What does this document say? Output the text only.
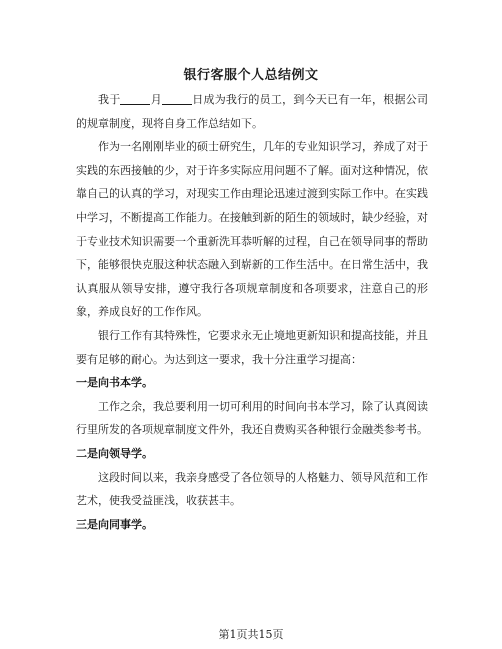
银行客服个人总结例文

我于	月	日成为我行的员工，到今天已有一年，根据公司的规章制度，现将自身工作总结如下。

作为一名刚刚毕业的硕士研究生，几年的专业知识学习，养成了对于实践的东西接触的少，对于许多实际应用问题不了解。面对这种情况，依靠自己的认真的学习，对现实工作由理论迅速过渡到实际工作中。在实践中学习，不断提高工作能力。在接触到新的陌生的领域时，缺少经验，对于专业技术知识需要一个重新洗耳恭听解的过程，自己在领导同事的帮助下，能够很快克服这种状态融入到崭新的工作生活中。在日常生活中，我认真服从领导安排，遵守我行各项规章制度和各项要求，注意自己的形象，养成良好的工作作风。

银行工作有其特殊性，它要求永无止境地更新知识和提高技能，并且要有足够的耐心。为达到这一要求，我十分注重学习提高：

一是向书本学。

工作之余，我总要利用一切可利用的时间向书本学习，除了认真阅读行里所发的各项规章制度文件外，我还自费购买各种银行金融类参考书。

二是向领导学。

这段时间以来，我亲身感受了各位领导的人格魅力、领导风范和工作艺术，使我受益匪浅，收获甚丰。

三是向同事学。

第1页共15页
